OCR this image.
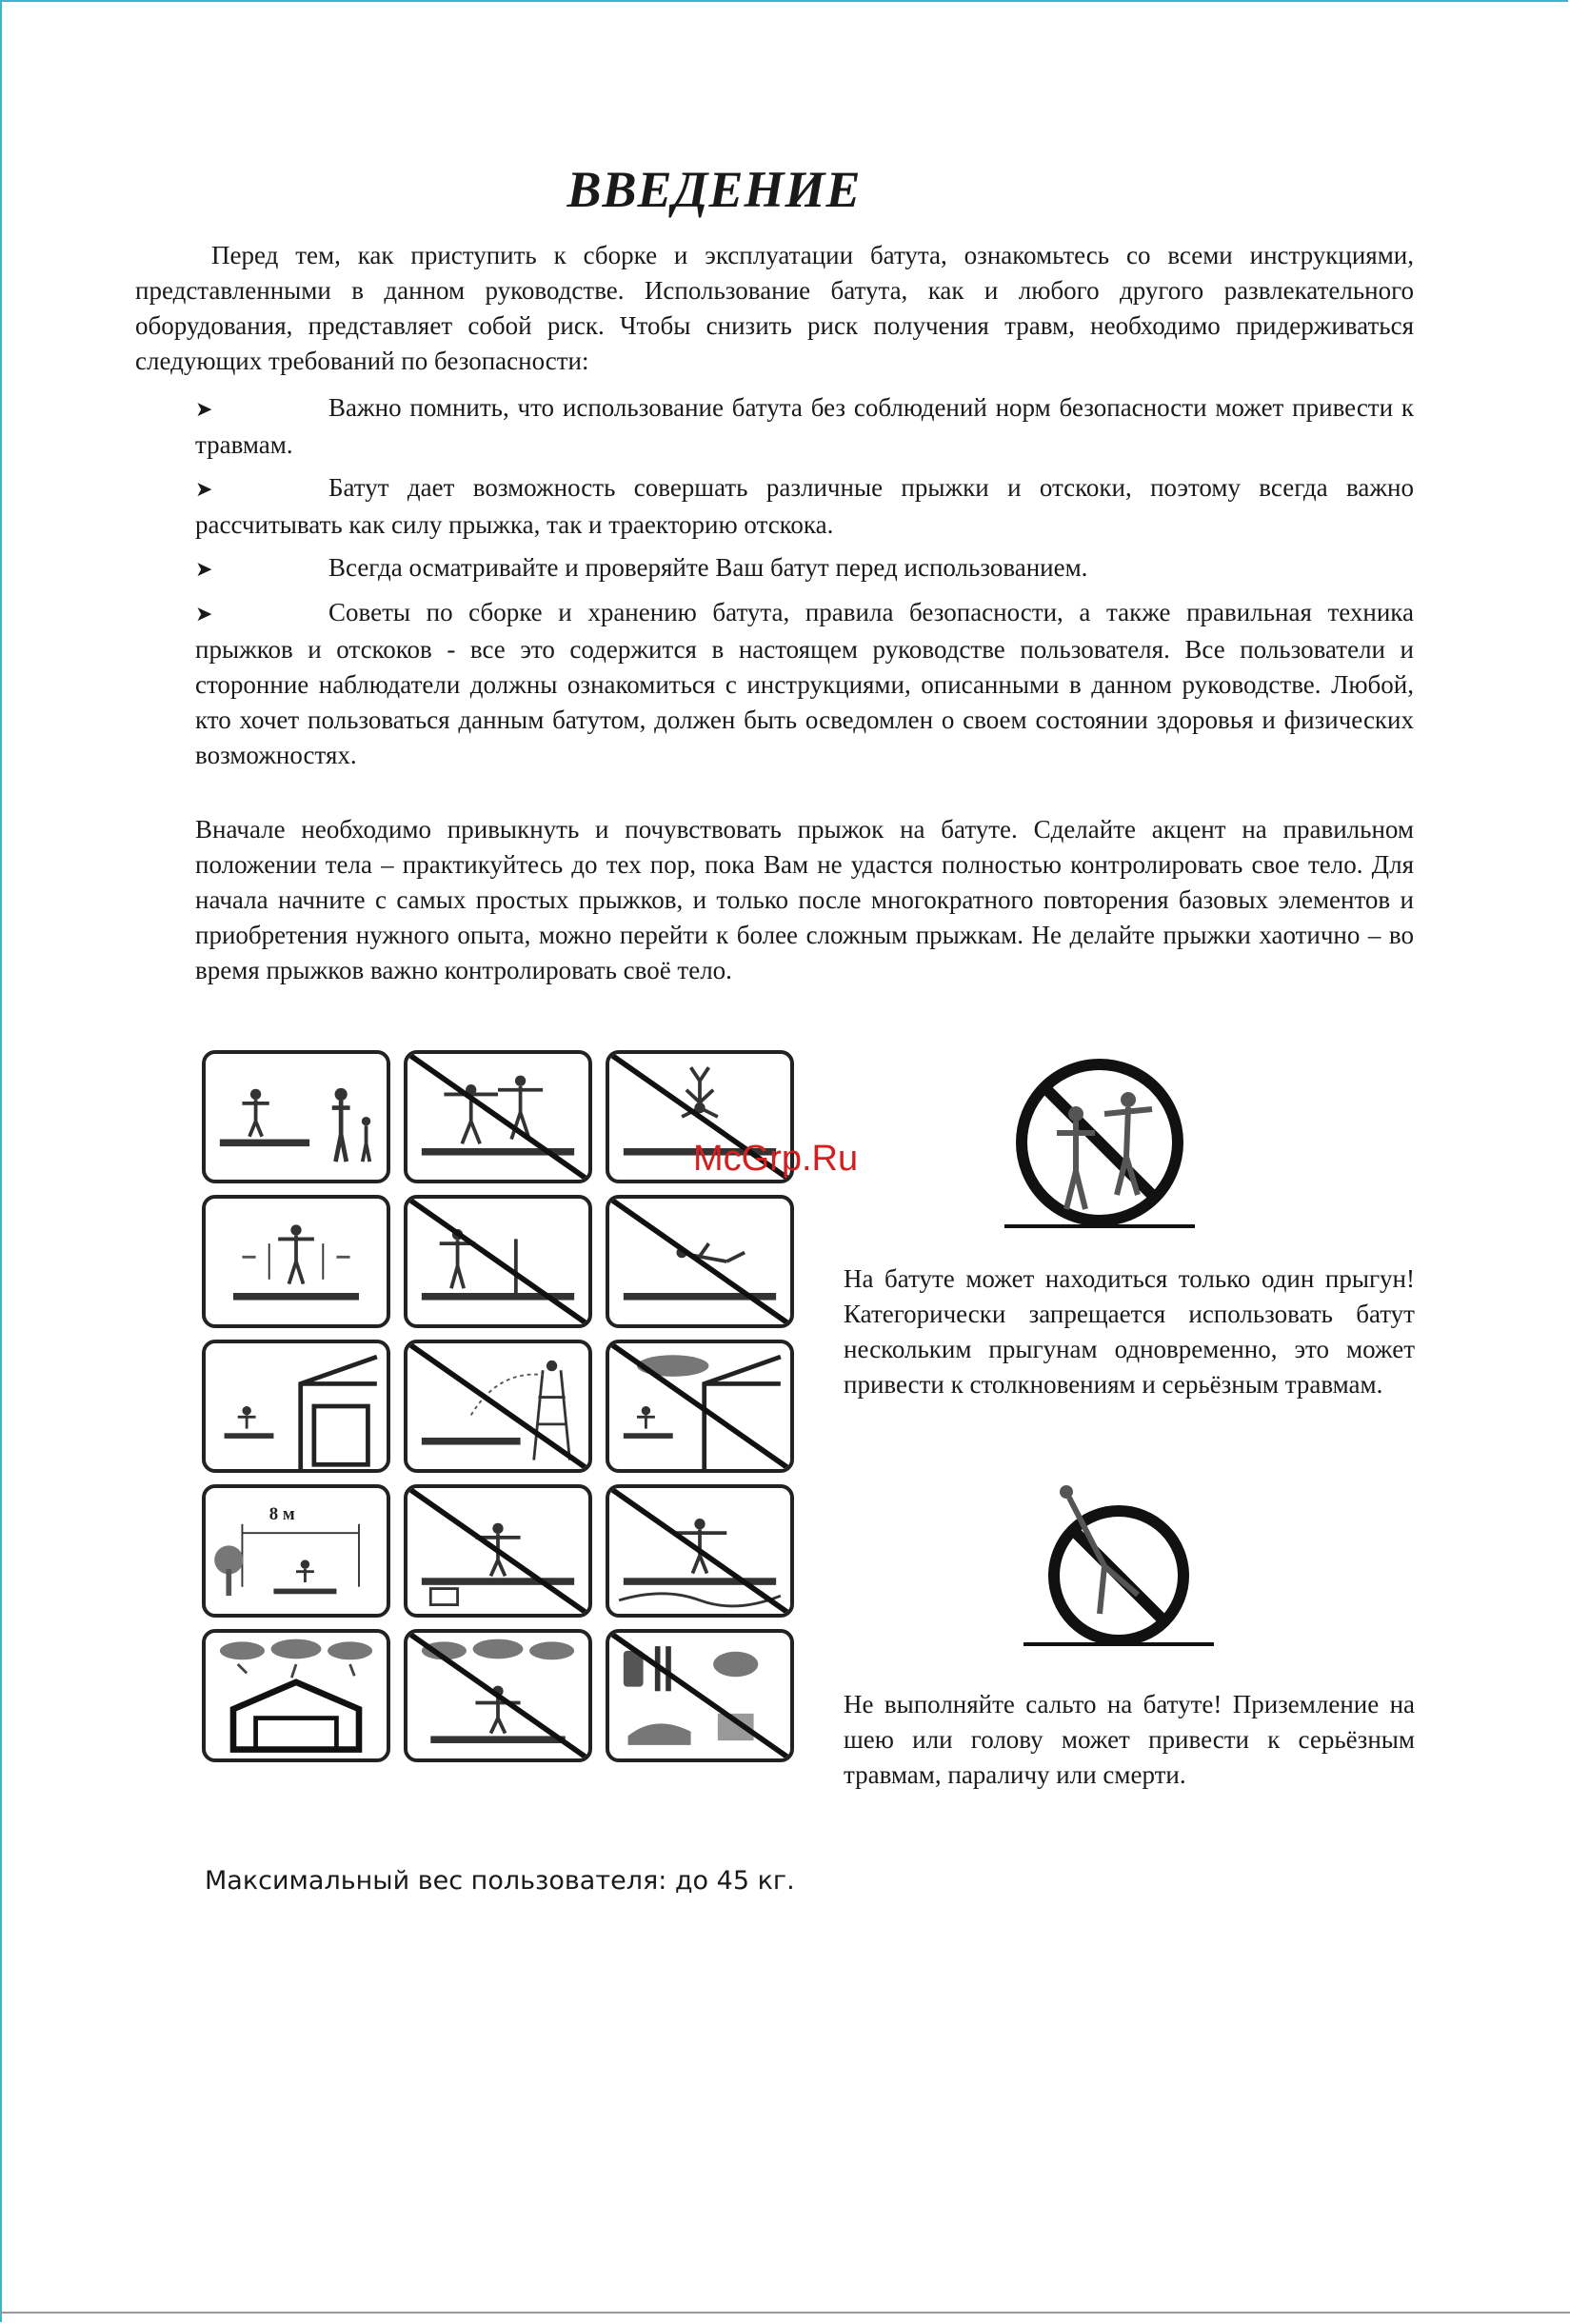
ВВЕДЕНИЕ

Перед тем, как приступить к сборке и эксплуатации батута, ознакомьтесь со всеми инструкциями, представленными в данном руководстве. Использование батута, как и любого другого развлекательного оборудования, представляет собой риск. Чтобы снизить риск получения травм, необходимо придерживаться следующих требований по безопасности:

➤	Важно помнить, что использование батута без соблюдений норм безопасности может привести к травмам.
➤	Батут дает возможность совершать различные прыжки и отскоки, поэтому всегда важно рассчитывать как силу прыжка, так и траекторию отскока.
➤	Всегда осматривайте и проверяйте Ваш батут перед использованием.
➤	Советы по сборке и хранению батута, правила безопасности, а также правильная техника прыжков и отскоков - все это содержится в настоящем руководстве пользователя. Все пользователи и сторонние наблюдатели должны ознакомиться с инструкциями, описанными в данном руководстве. Любой, кто хочет пользоваться данным батутом, должен быть осведомлен о своем состоянии здоровья и физических возможностях.

Вначале необходимо привыкнуть и почувствовать прыжок на батуте. Сделайте акцент на правильном положении тела – практикуйтесь до тех пор, пока Вам не удастся полностью контролировать свое тело. Для начала начните с самых простых прыжков, и только после многократного повторения базовых элементов и приобретения нужного опыта, можно перейти к более сложным прыжкам. Не делайте прыжки хаотично – во время прыжков важно контролировать своё тело.

8 м
McGrp.Ru

На батуте может находиться только один прыгун! Категорически запрещается использовать батут нескольким прыгунам одновременно, это может привести к столкновениям и серьёзным травмам.

Не выполняйте сальто на батуте! Приземление на шею или голову может привести к серьёзным травмам, параличу или смерти.

Максимальный вес пользователя: до 45 кг.
